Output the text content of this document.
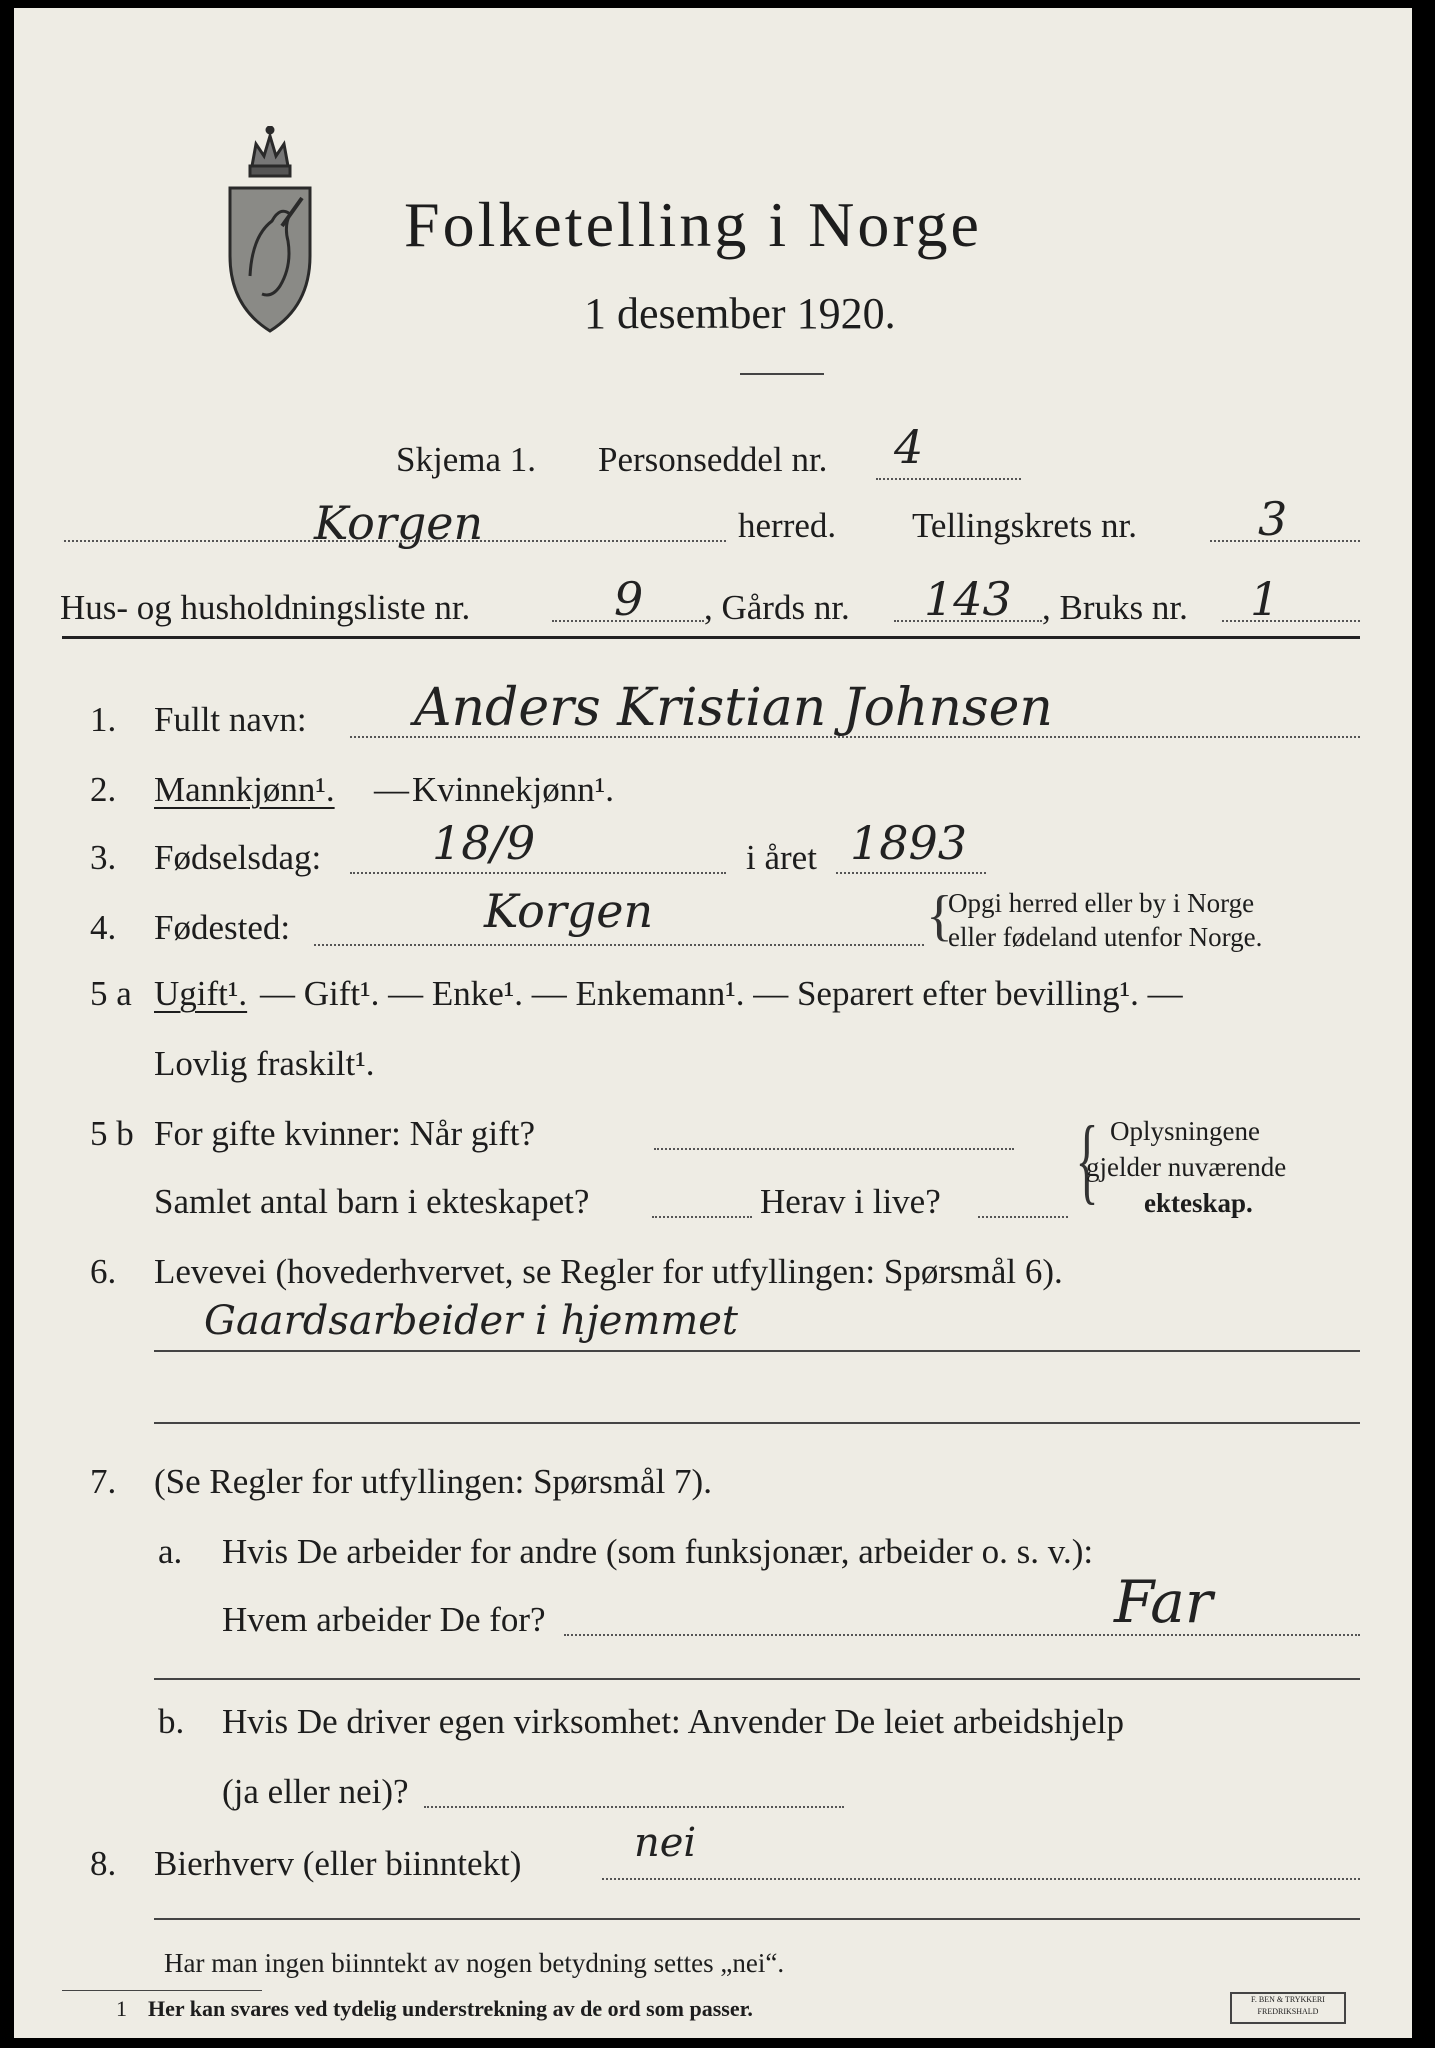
Folketelling i Norge
1 desember 1920.
Skjema 1. Personseddel nr. 4
Korgen	herred. Tellingskrets nr.	3
Hus- og husholdningsliste nr.	9 , Gårds nr. 143 , Bruks nr. 1
1. Fullt navn: Anders Kristian Johnsen
2. Mannkjønn¹. — Kvinnekjønn¹.
3. Fødselsdag: 18/9	i året 1893
4. Fødested:	Korgen	{
Opgi herred eller by i Norge
eller fødeland utenfor Norge.
5 a Ugift¹. — Gift¹. — Enke¹. — Enkemann¹. — Separert efter bevilling¹. —
Lovlig fraskilt¹.
5 b For gifte kvinner: Når gift?
Samlet antal barn i ekteskapet?	Herav i live? { Oplysningene
gjelder nuværende
ekteskap.
6. Levevei (hovederhvervet, se Regler for utfyllingen: Spørsmål 6).
Gaardsarbeider i hjemmet
7. (Se Regler for utfyllingen: Spørsmål 7).
a. Hvis De arbeider for andre (som funksjonær, arbeider o. s. v.):
Hvem arbeider De for?	Far
b. Hvis De driver egen virksomhet: Anvender De leiet arbeidshjelp
(ja eller nei)?
8. Bierhverv (eller biinntekt)	nei
Har man ingen biinntekt av nogen betydning settes „nei“.
1 Her kan svares ved tydelig understrekning av de ord som passer.	F. BEN & TRYKKERI FREDRIKSHALD
